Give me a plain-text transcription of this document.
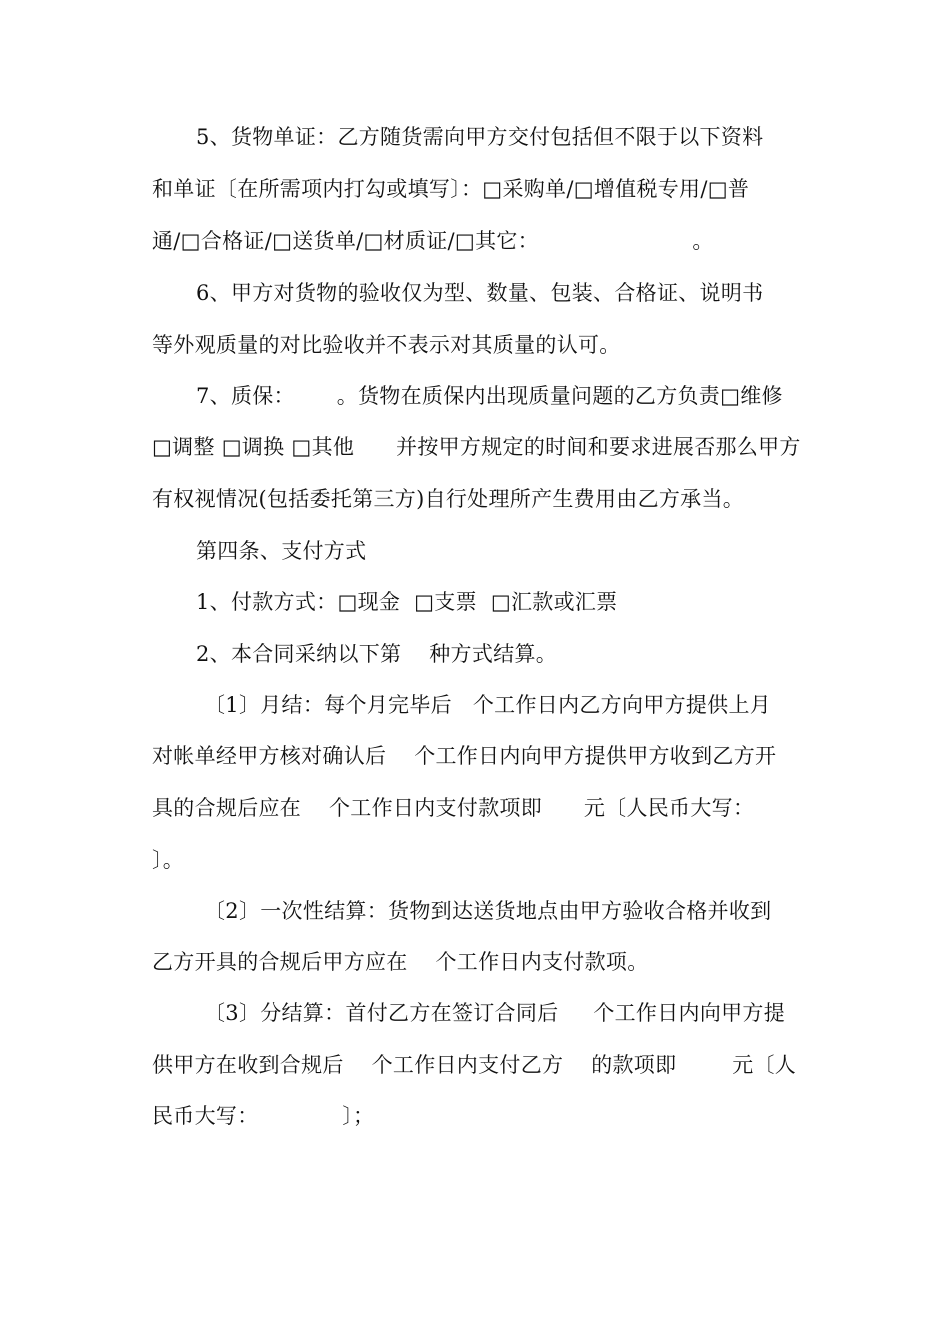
5、货物单证：乙方随货需向甲方交付包括但不限于以下资料
和单证〔在所需项内打勾或填写〕：□采购单/□增值税专用/□普
通/□合格证/□送货单/□材质证/□其它：                      。
6、甲方对货物的验收仅为型、数量、包装、合格证、说明书
等外观质量的对比验收并不表示对其质量的认可。
7、质保：      。货物在质保内出现质量问题的乙方负责□维修
□调整 □调换 □其他      并按甲方规定的时间和要求进展否那么甲方
有权视情况(包括委托第三方)自行处理所产生费用由乙方承当。
第四条、支付方式
1、付款方式：□现金  □支票  □汇款或汇票
2、本合同采纳以下第    种方式结算。
〔1〕月结：每个月完毕后   个工作日内乙方向甲方提供上月
对帐单经甲方核对确认后    个工作日内向甲方提供甲方收到乙方开
具的合规后应在    个工作日内支付款项即      元〔人民币大写：
〕。
〔2〕一次性结算：货物到达送货地点由甲方验收合格并收到
乙方开具的合规后甲方应在    个工作日内支付款项。
〔3〕分结算：首付乙方在签订合同后     个工作日内向甲方提
供甲方在收到合规后    个工作日内支付乙方    的款项即        元〔人
民币大写：            〕；
